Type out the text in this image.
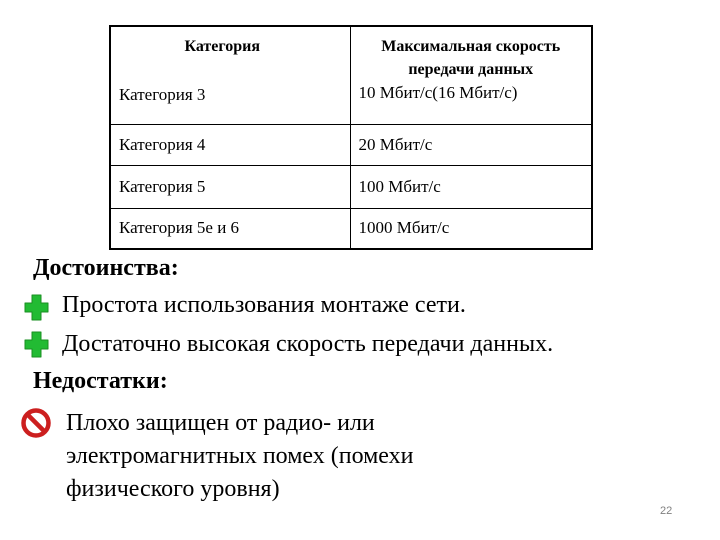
Категория	Максимальная скорость
передачи данных
Категория 3	10 Мбит/с(16 Мбит/с)
Категория 4	20 Мбит/с
Категория 5	100 Мбит/с
Категория 5е и 6	1000 Мбит/с
Достоинства:
Простота использования монтаже сети.
Достаточно высокая скорость передачи данных.
Недостатки:
Плохо защищен от радио- или
электромагнитных помех (помехи
физического уровня)
22
